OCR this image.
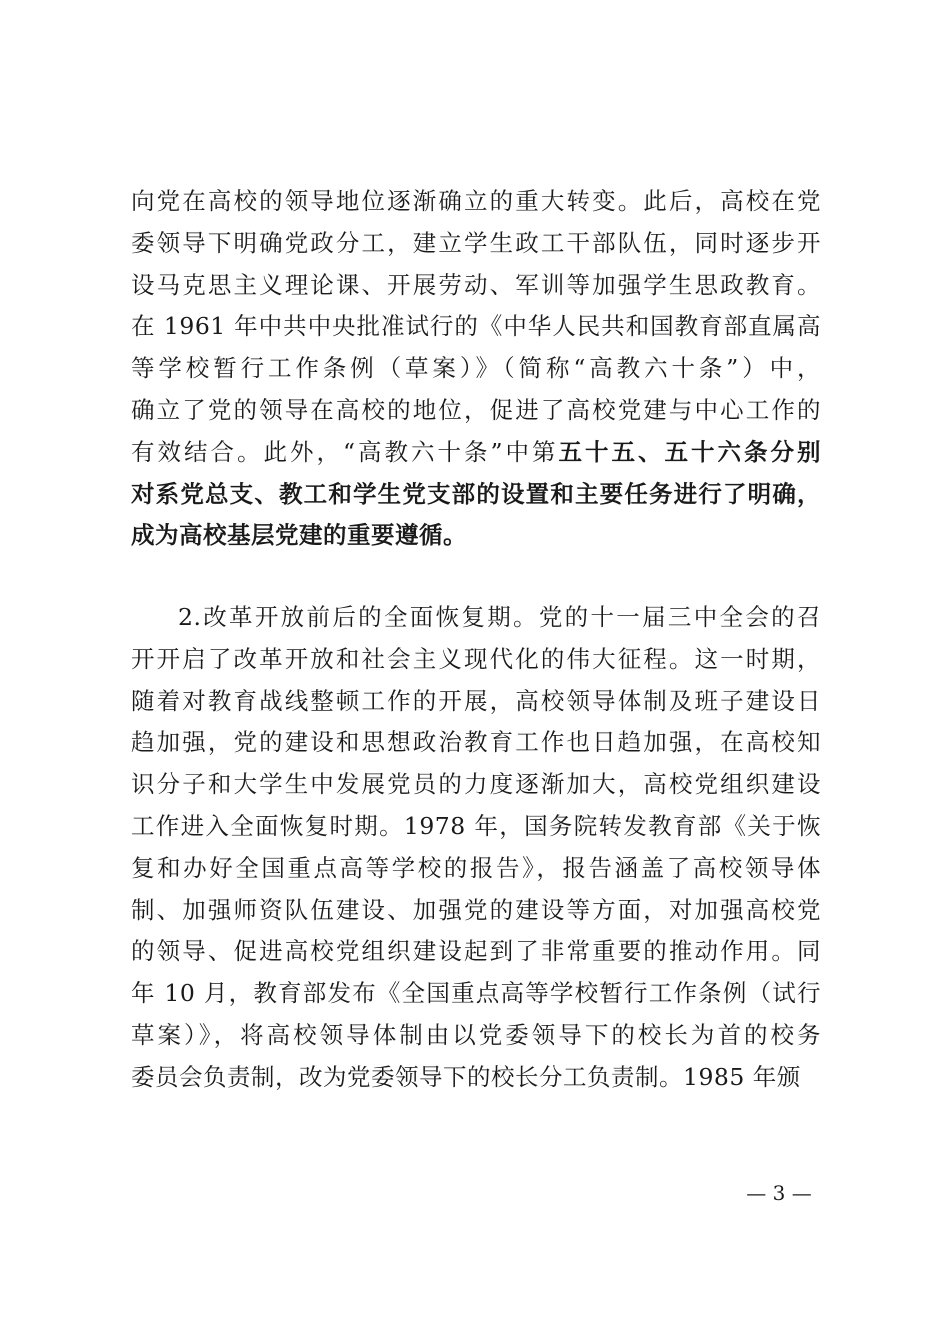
向党在高校的领导地位逐渐确立的重大转变。此后，高校在党
委领导下明确党政分工，建立学生政工干部队伍，同时逐步开
设马克思主义理论课、开展劳动、军训等加强学生思政教育。
在 1961 年中共中央批准试行的《中华人民共和国教育部直属高
等学校暂行工作条例（草案）》（简称“高教六十条”）中，
确立了党的领导在高校的地位，促进了高校党建与中心工作的
有效结合。此外，“高教六十条”中第五十五、五十六条分别
对系党总支、教工和学生党支部的设置和主要任务进行了明确，
成为高校基层党建的重要遵循。
2.改革开放前后的全面恢复期。党的十一届三中全会的召
开开启了改革开放和社会主义现代化的伟大征程。这一时期，
随着对教育战线整顿工作的开展，高校领导体制及班子建设日
趋加强，党的建设和思想政治教育工作也日趋加强，在高校知
识分子和大学生中发展党员的力度逐渐加大，高校党组织建设
工作进入全面恢复时期。1978 年，国务院转发教育部《关于恢
复和办好全国重点高等学校的报告》，报告涵盖了高校领导体
制、加强师资队伍建设、加强党的建设等方面，对加强高校党
的领导、促进高校党组织建设起到了非常重要的推动作用。同
年 10 月，教育部发布《全国重点高等学校暂行工作条例（试行
草案）》，将高校领导体制由以党委领导下的校长为首的校务
委员会负责制，改为党委领导下的校长分工负责制。1985 年颁
— 3 —
